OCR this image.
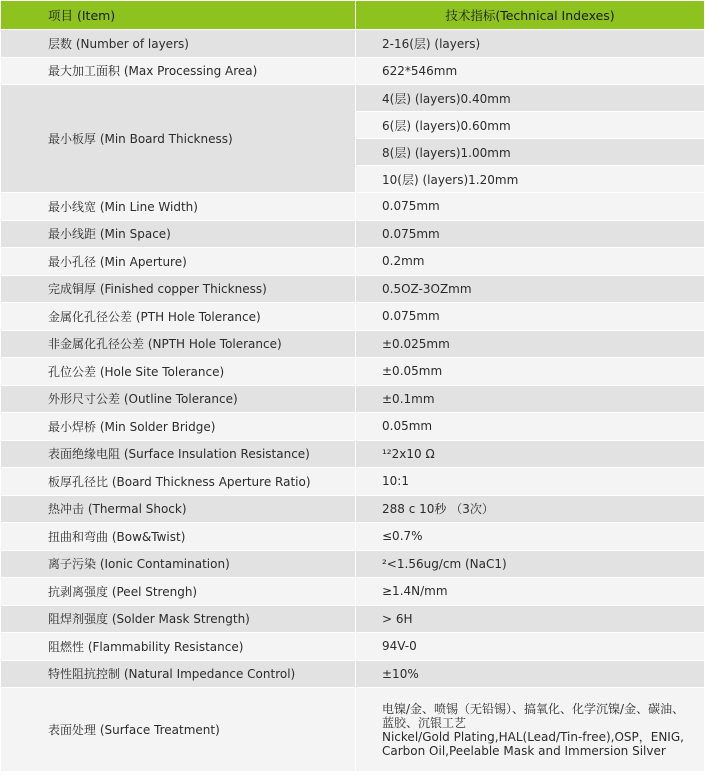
项目 (Item)	技术指标(Technical Indexes)
层数 (Number of layers)	2-16(层) (layers)
最大加工面积 (Max Processing Area)	622*546mm
最小板厚 (Min Board Thickness)	4(层) (layers)0.40mm
	6(层) (layers)0.60mm
	8(层) (layers)1.00mm
	10(层) (layers)1.20mm
最小线宽 (Min Line Width)	0.075mm
最小线距 (Min Space)	0.075mm
最小孔径 (Min Aperture)	0.2mm
完成铜厚 (Finished copper Thickness)	0.5OZ-3OZmm
金属化孔径公差 (PTH Hole Tolerance)	0.075mm
非金属化孔径公差 (NPTH Hole Tolerance)	±0.025mm
孔位公差 (Hole Site Tolerance)	±0.05mm
外形尺寸公差 (Outline Tolerance)	±0.1mm
最小焊桥 (Min Solder Bridge)	0.05mm
表面绝缘电阻 (Surface Insulation Resistance)	¹²2x10 Ω
板厚孔径比 (Board Thickness Aperture Ratio)	10:1
热冲击 (Thermal Shock)	288 c 10秒 （3次）
扭曲和弯曲 (Bow&Twist)	≤0.7%
离子污染 (Ionic Contamination)	²<1.56ug/cm (NaC1)
抗剥离强度 (Peel Strengh)	≥1.4N/mm
阻焊剂强度 (Solder Mask Strength)	> 6H
阻燃性 (Flammability Resistance)	94V-0
特性阻抗控制 (Natural Impedance Control)	±10%
表面处理 (Surface Treatment)	电镍/金、喷锡（无铅锡）、搞氧化、化学沉镍/金、碳油、
蓝胶、沉银工艺
Nickel/Gold Plating,HAL(Lead/Tin-free),OSP，ENIG,
Carbon Oil,Peelable Mask and Immersion Silver
